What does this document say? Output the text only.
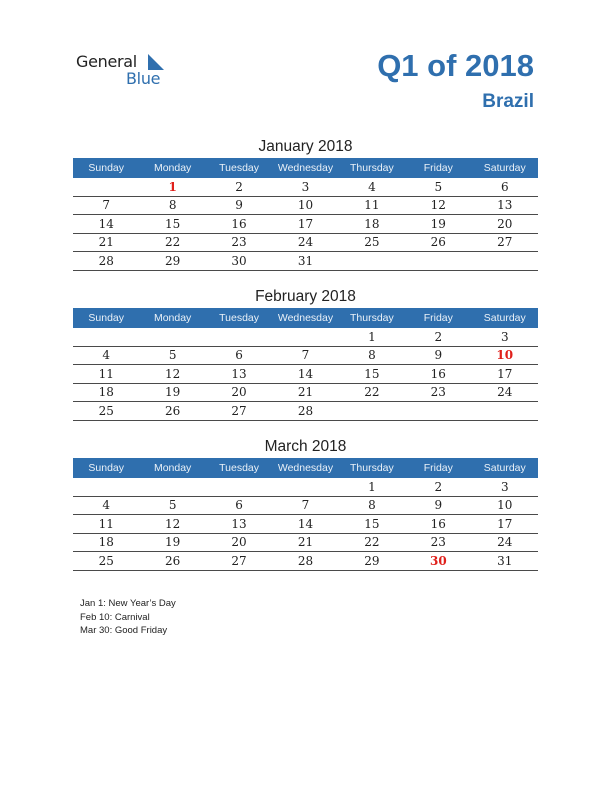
General
Blue	Q1 of 2018
Brazil
January 2018
Sunday	Monday	Tuesday	Wednesday	Thursday	Friday	Saturday
	1	2	3	4	5	6
7	8	9	10	11	12	13
14	15	16	17	18	19	20
21	22	23	24	25	26	27
28	29	30	31			
February 2018
Sunday	Monday	Tuesday	Wednesday	Thursday	Friday	Saturday
				1	2	3
4	5	6	7	8	9	10
11	12	13	14	15	16	17
18	19	20	21	22	23	24
25	26	27	28			
March 2018
Sunday	Monday	Tuesday	Wednesday	Thursday	Friday	Saturday
				1	2	3
4	5	6	7	8	9	10
11	12	13	14	15	16	17
18	19	20	21	22	23	24
25	26	27	28	29	30	31
Jan 1: New Year’s Day
Feb 10: Carnival
Mar 30: Good Friday
